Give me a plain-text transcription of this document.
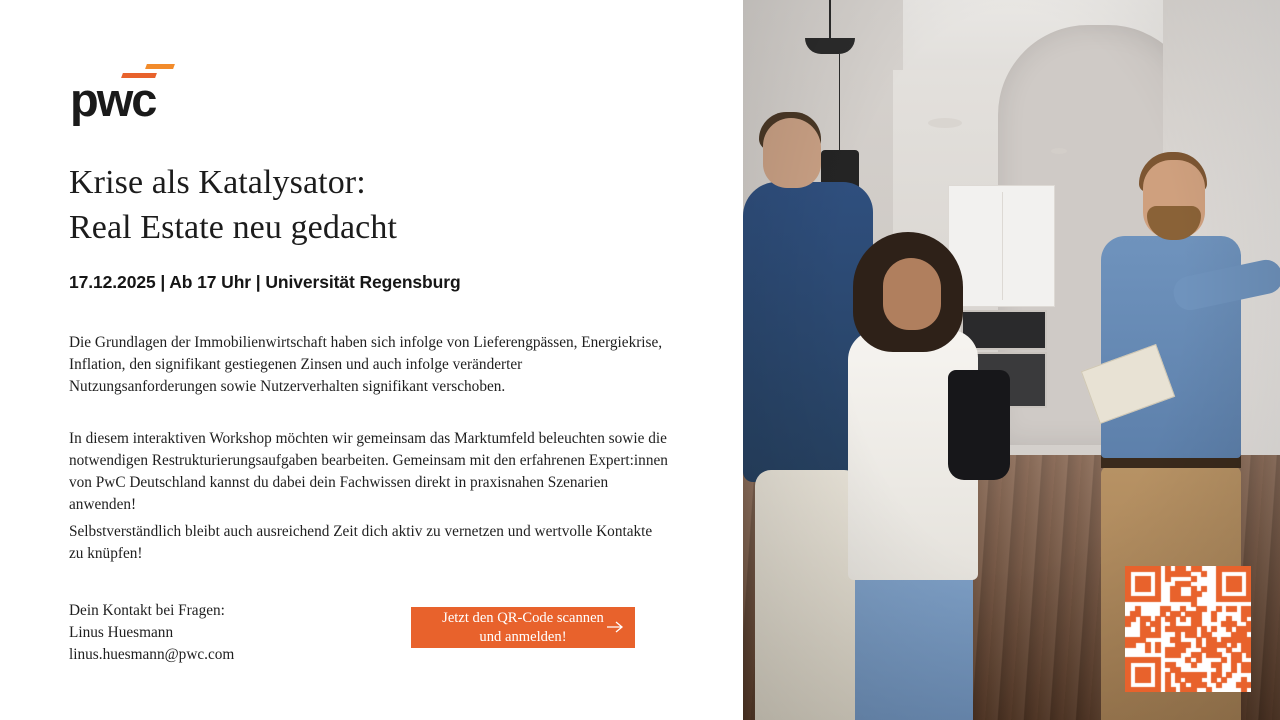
pwc
Krise als Katalysator:
Real Estate neu gedacht
17.12.2025 | Ab 17 Uhr | Universität Regensburg
Die Grundlagen der Immobilienwirtschaft haben sich infolge von Lieferengpässen, Energiekrise, Inflation, den signifikant gestiegenen Zinsen und auch infolge veränderter Nutzungsanforderungen sowie Nutzerverhalten signifikant verschoben.
In diesem interaktiven Workshop möchten wir gemeinsam das Marktumfeld beleuchten sowie die notwendigen Restrukturierungsaufgaben bearbeiten. Gemeinsam mit den erfahrenen Expert:innen von PwC Deutschland kannst du dabei dein Fachwissen direkt in praxisnahen Szenarien anwenden!
Selbstverständlich bleibt auch ausreichend Zeit dich aktiv zu vernetzen und wertvolle Kontakte zu knüpfen!
Dein Kontakt bei Fragen:
Linus Huesmann
linus.huesmann@pwc.com
Jetzt den QR-Code scannen und anmelden!
